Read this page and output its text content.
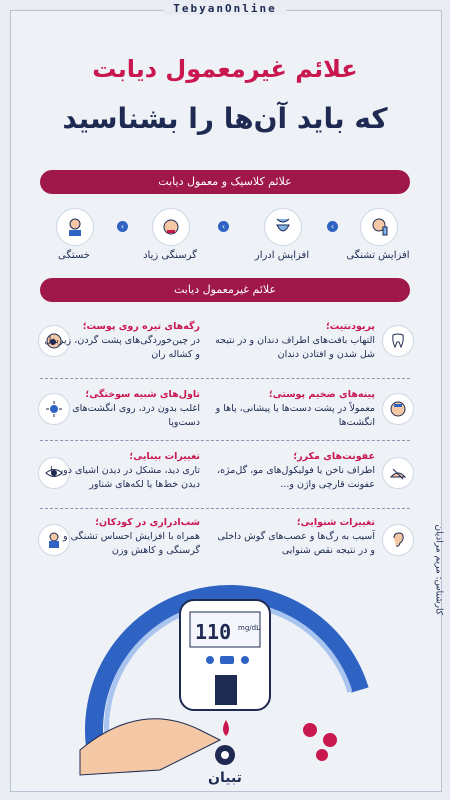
TebyanOnline
علائم غیرمعمول دیابت
که باید آن‌ها را بشناسید
علائم کلاسیک و معمول دیابت
افزایش تشنگی
‹
افزایش ادرار
‹
گرسنگی زیاد
‹
خستگی
علائم غیرمعمول دیابت
پریودنتیت؛
التهاب بافت‌های اطراف دندان و در نتیجه شل شدن و افتادن دندان
رگه‌های تیره روی پوست؛
در چین‌خوردگی‌های پشت گردن، زیربغل و کشاله ران
پینه‌های ضخیم پوستی؛
معمولاً در پشت دست‌ها یا پیشانی، پاها و انگشت‌ها
تاول‌های شبیه سوختگی؛
اغلب بدون درد، روی انگشت‌های دست‌و‌پا
عفونت‌های مکرر؛
اطراف ناخن یا فولیکول‌های مو، گل‌مژه، عفونت قارچی واژن و...
تغییرات بینایی؛
تاری دید، مشکل در دیدن اشیای دور یا دیدن خط‌ها یا لکه‌های شناور
تغییرات شنوایی؛
آسیب به رگ‌ها و عصب‌های گوش داخلی و در نتیجه نقص شنوایی
شب‌ادراری در کودکان؛
همراه با افزایش احساس تشنگی و گرسنگی و کاهش وزن
110 mg/dL
تبیان
کارشناس: مریم مرادیان
